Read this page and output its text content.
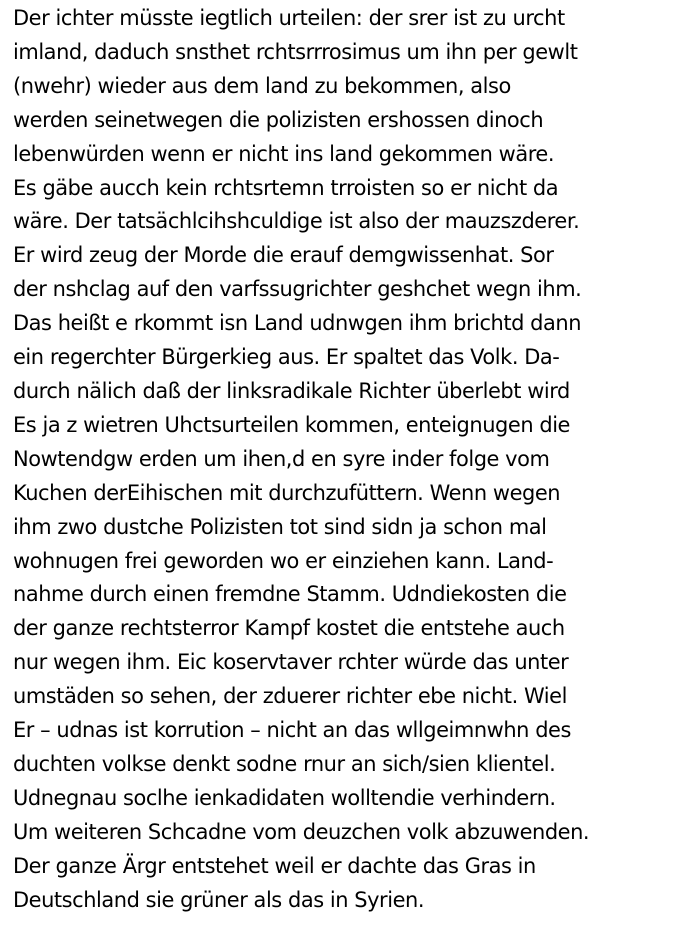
Der ichter müsste iegtlich urteilen: der srer ist zu urcht
imland, daduch snsthet rchtsrrrosimus um ihn per gewlt
(nwehr) wieder aus dem land zu bekommen, also
werden seinetwegen die polizisten ershossen dinoch
lebenwürden wenn er nicht ins land gekommen wäre.
Es gäbe aucch kein rchtsrtemn trroisten so er nicht da
wäre. Der tatsächlcihshculdige ist also der mauzszderer.
Er wird zeug der Morde die erauf demgwissenhat. Sor
der nshclag auf den varfssugrichter geshchet wegn ihm.
Das heißt e rkommt isn Land udnwgen ihm brichtd dann
ein regerchter Bürgerkieg aus. Er spaltet das Volk. Da-
durch nälich daß der linksradikale Richter überlebt wird
Es ja z wietren Uhctsurteilen kommen, enteignugen die
Nowtendgw erden um ihen,d en syre inder folge vom
Kuchen derEihischen mit durchzufüttern. Wenn wegen
ihm zwo dustche Polizisten tot sind sidn ja schon mal
wohnugen frei geworden wo er einziehen kann. Land-
nahme durch einen fremdne Stamm. Udndiekosten die
der ganze rechtsterror Kampf kostet die entstehe auch
nur wegen ihm. Eic koservtaver rchter würde das unter
umstäden so sehen, der zduerer richter ebe nicht. Wiel
Er – udnas ist korrution – nicht an das wllgeimnwhn des
duchten volkse denkt sodne rnur an sich/sien klientel.
Udnegnau soclhe ienkadidaten wolltendie verhindern.
Um weiteren Schcadne vom deuzchen volk abzuwenden.
Der ganze Ärgr entstehet weil er dachte das Gras in
Deutschland sie grüner als das in Syrien.
